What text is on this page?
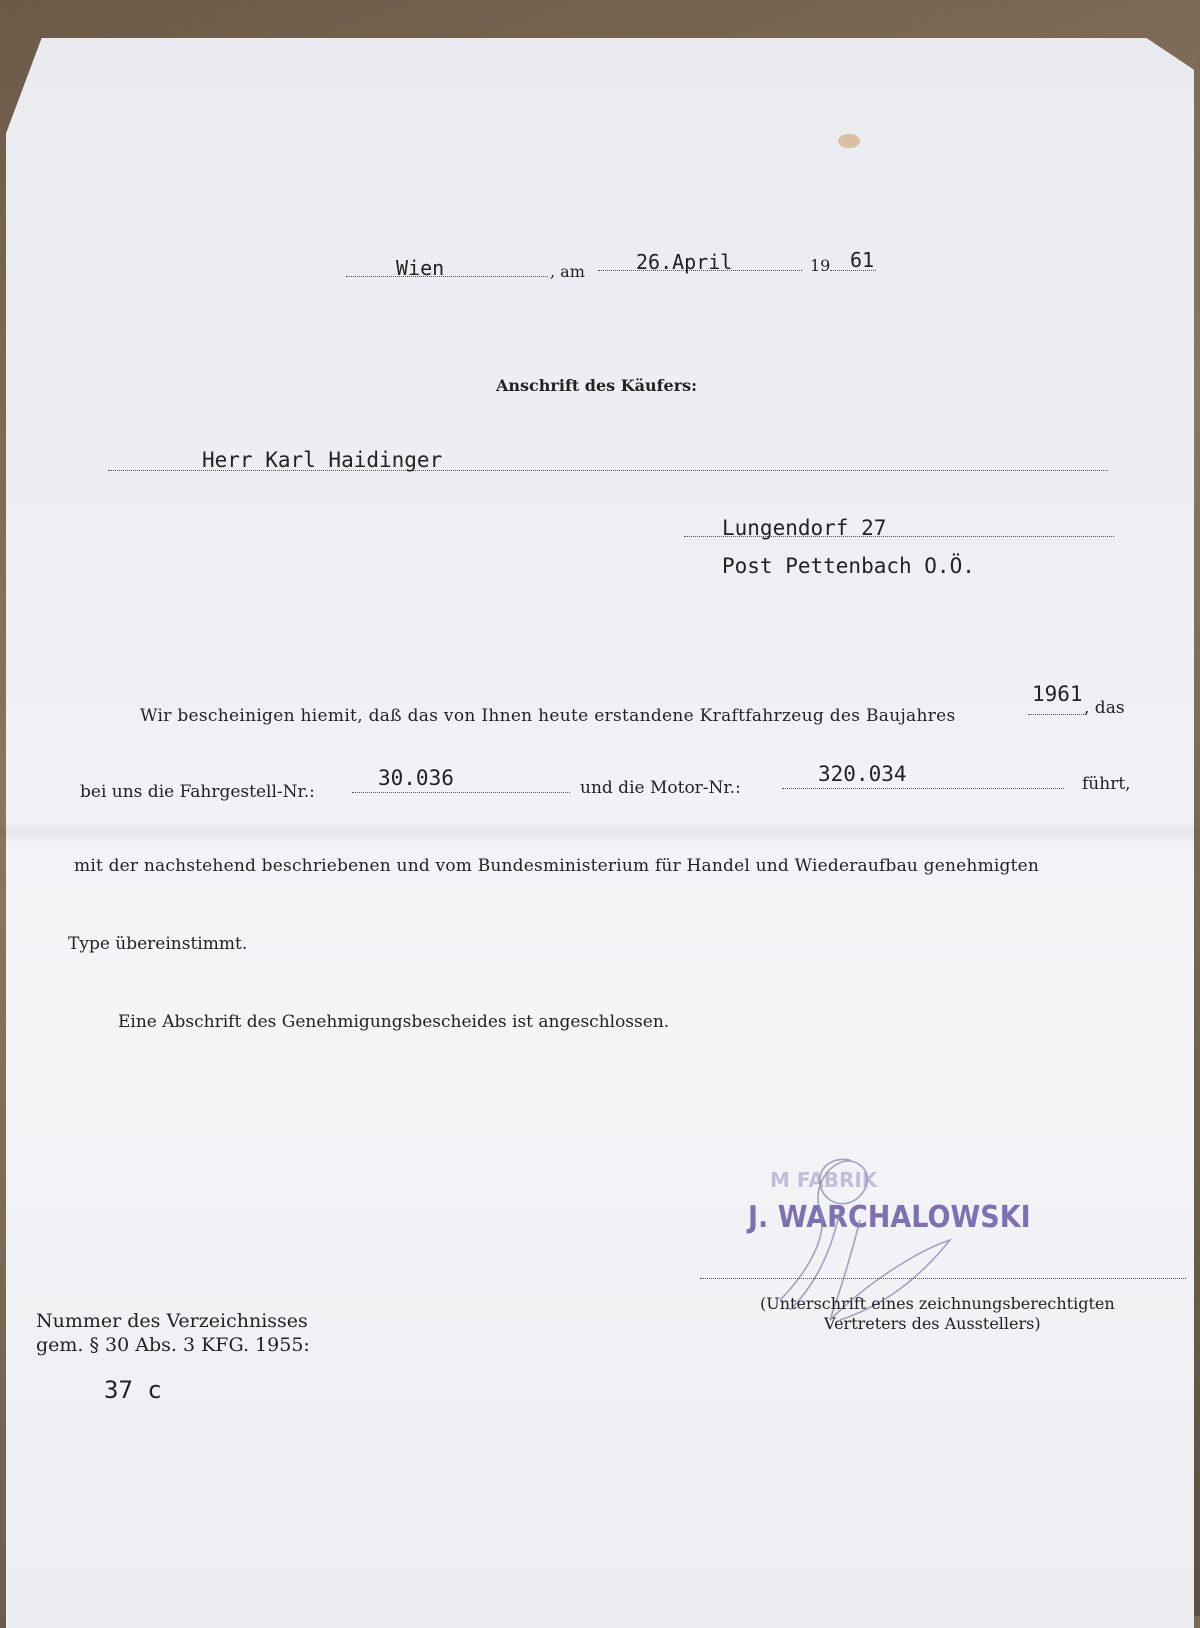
Wien	, am	26.April	19 61
Anschrift des Käufers:
Herr Karl Haidinger
Lungendorf 27
Post Pettenbach O.Ö.
Wir bescheinigen hiemit, daß das von Ihnen heute erstandene Kraftfahrzeug des Baujahres
1961
, das
bei uns die Fahrgestell-Nr.:
30.036	und die Motor-Nr.:
320.034	führt,
mit der nachstehend beschriebenen und vom Bundesministerium für Handel und Wiederaufbau genehmigten
Type übereinstimmt.
Eine Abschrift des Genehmigungsbescheides ist angeschlossen.
M FABRIK
J. WARCHALOWSKI
(Unterschrift eines zeichnungsberechtigten
Vertreters des Ausstellers)
Nummer des Verzeichnisses
gem. § 30 Abs. 3 KFG. 1955:
37 c
